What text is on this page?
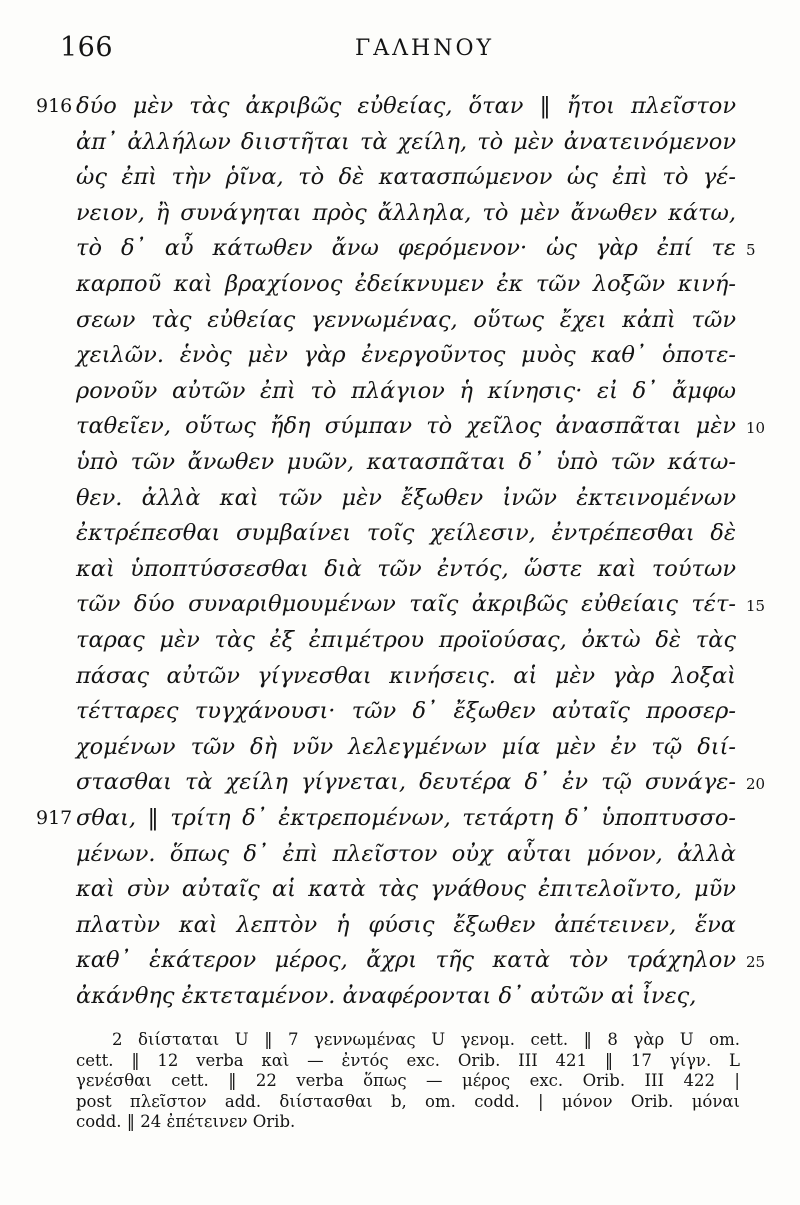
166	ΓΑΛΗΝΟΥ
δύο μὲν τὰς ἀκριβῶς εὐθείας, ὅταν ‖ ἤτοι πλεῖστον
ἀπ᾽ ἀλλήλων διιστῆται τὰ χείλη, τὸ μὲν ἀνατεινόμενον
ὡς ἐπὶ τὴν ῥῖνα, τὸ δὲ κατασπώμενον ὡς ἐπὶ τὸ γέ-
νειον, ἢ συνάγηται πρὸς ἄλληλα, τὸ μὲν ἄνωθεν κάτω,
τὸ δ᾽ αὖ κάτωθεν ἄνω φερόμενον· ὡς γὰρ ἐπί τε
καρποῦ καὶ βραχίονος ἐδείκνυμεν ἐκ τῶν λοξῶν κινή-
σεων τὰς εὐθείας γεννωμένας, οὕτως ἔχει κἀπὶ τῶν
χειλῶν. ἑνὸς μὲν γὰρ ἐνεργοῦντος μυὸς καθ᾽ ὁποτε-
ρονοῦν αὐτῶν ἐπὶ τὸ πλάγιον ἡ κίνησις· εἰ δ᾽ ἄμφω
ταθεῖεν, οὕτως ἤδη σύμπαν τὸ χεῖλος ἀνασπᾶται μὲν
ὑπὸ τῶν ἄνωθεν μυῶν, κατασπᾶται δ᾽ ὑπὸ τῶν κάτω-
θεν. ἀλλὰ καὶ τῶν μὲν ἔξωθεν ἰνῶν ἐκτεινομένων
ἐκτρέπεσθαι συμβαίνει τοῖς χείλεσιν, ἐντρέπεσθαι δὲ
καὶ ὑποπτύσσεσθαι διὰ τῶν ἐντός, ὥστε καὶ τούτων
τῶν δύο συναριθμουμένων ταῖς ἀκριβῶς εὐθείαις τέτ-
ταρας μὲν τὰς ἐξ ἐπιμέτρου προϊούσας, ὀκτὼ δὲ τὰς
πάσας αὐτῶν γίγνεσθαι κινήσεις. αἱ μὲν γὰρ λοξαὶ
τέτταρες τυγχάνουσι· τῶν δ᾽ ἔξωθεν αὐταῖς προσερ-
χομένων τῶν δὴ νῦν λελεγμένων μία μὲν ἐν τῷ διί-
στασθαι τὰ χείλη γίγνεται, δευτέρα δ᾽ ἐν τῷ συνάγε-
σθαι, ‖ τρίτη δ᾽ ἐκτρεπομένων, τετάρτη δ᾽ ὑποπτυσσο-
μένων. ὅπως δ᾽ ἐπὶ πλεῖστον οὐχ αὗται μόνον, ἀλλὰ
καὶ σὺν αὐταῖς αἱ κατὰ τὰς γνάθους ἐπιτελοῖντο, μῦν
πλατὺν καὶ λεπτὸν ἡ φύσις ἔξωθεν ἀπέτεινεν, ἕνα
καθ᾽ ἑκάτερον μέρος, ἄχρι τῆς κατὰ τὸν τράχηλον
ἀκάνθης ἐκτεταμένον. ἀναφέρονται δ᾽ αὐτῶν αἱ ἶνες,
916
917
5
10
15
20
25
2 διίσταται U ‖ 7 γεννωμένας U γενομ. cett. ‖ 8 γὰρ U om.
cett. ‖ 12 verba καὶ — ἐντός exc. Orib. III 421 ‖ 17 γίγν. L
γενέσθαι cett. ‖ 22 verba ὅπως — μέρος exc. Orib. III 422 |
post πλεῖστον add. διίστασθαι b, om. codd. | μόνον Orib. μόναι
codd. ‖ 24 ἐπέτεινεν Orib.
